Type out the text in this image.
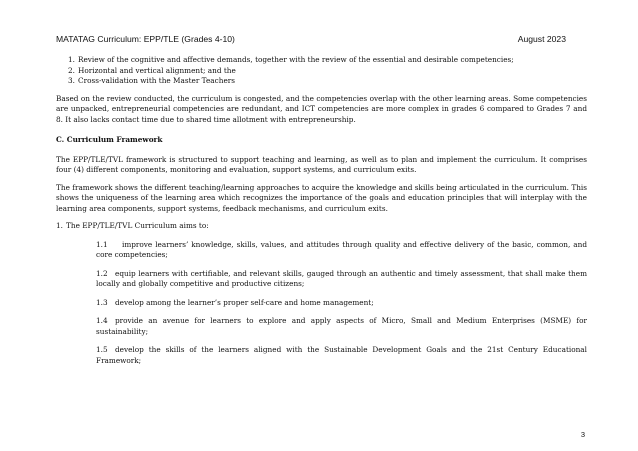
MATATAG Curriculum: EPP/TLE (Grades 4-10)	August 2023
1. Review of the cognitive and affective demands, together with the review of the essential and desirable competencies;
2. Horizontal and vertical alignment; and the
3. Cross-validation with the Master Teachers

Based on the review conducted, the curriculum is congested, and the competencies overlap with the other learning areas. Some competencies are unpacked, entrepreneurial competencies are redundant, and ICT competencies are more complex in grades 6 compared to Grades 7 and 8. It also lacks contact time due to shared time allotment with entrepreneurship.

C. Curriculum Framework

The EPP/TLE/TVL framework is structured to support teaching and learning, as well as to plan and implement the curriculum. It comprises four (4) different components, monitoring and evaluation, support systems, and curriculum exits.

The framework shows the different teaching/learning approaches to acquire the knowledge and skills being articulated in the curriculum. This shows the uniqueness of the learning area which recognizes the importance of the goals and education principles that will interplay with the learning area components, support systems, feedback mechanisms, and curriculum exits.

1. The EPP/TLE/TVL Curriculum aims to:

1.1 improve learners’ knowledge, skills, values, and attitudes through quality and effective delivery of the basic, common, and core competencies;

1.2 equip learners with certifiable, and relevant skills, gauged through an authentic and timely assessment, that shall make them locally and globally competitive and productive citizens;

1.3 develop among the learner’s proper self-care and home management;

1.4 provide an avenue for learners to explore and apply aspects of Micro, Small and Medium Enterprises (MSME) for sustainability;

1.5 develop the skills of the learners aligned with the Sustainable Development Goals and the 21st Century Educational Framework;

3
